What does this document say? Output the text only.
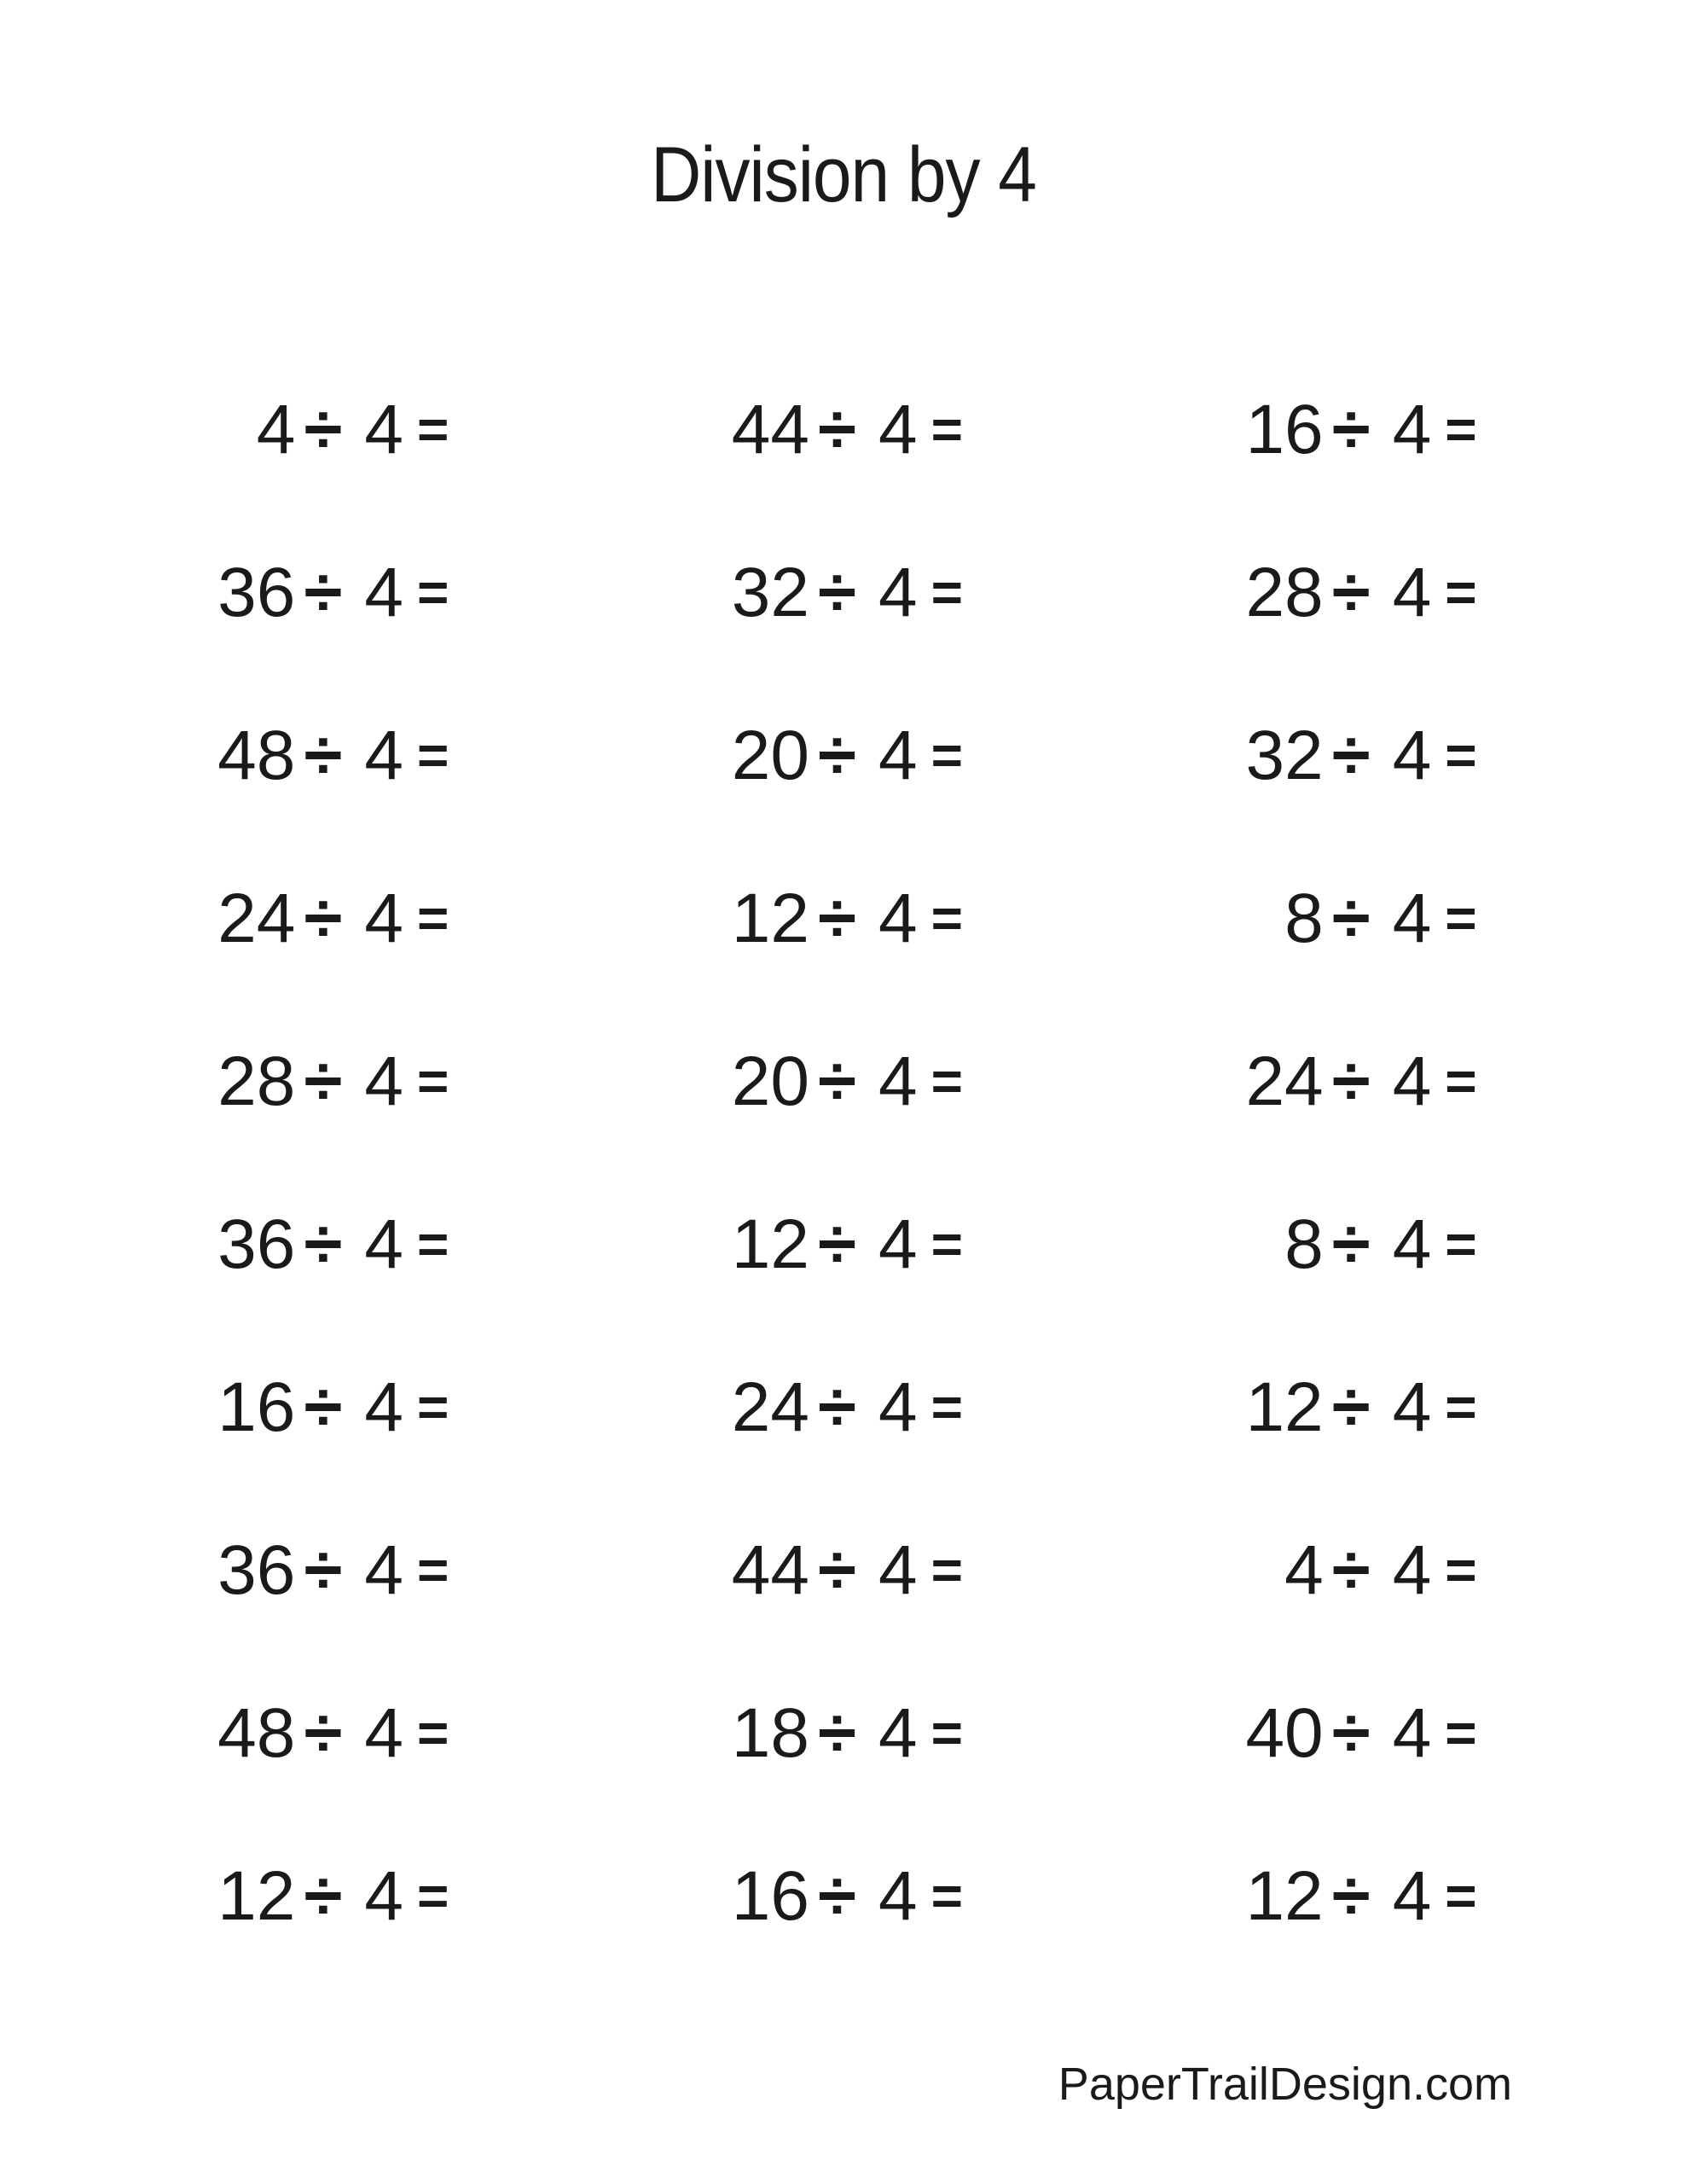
Division by 4
4 ÷ 4 =	44 ÷ 4 =	16 ÷ 4 =
36 ÷ 4 =	32 ÷ 4 =	28 ÷ 4 =
48 ÷ 4 =	20 ÷ 4 =	32 ÷ 4 =
24 ÷ 4 =	12 ÷ 4 =	8 ÷ 4 =
28 ÷ 4 =	20 ÷ 4 =	24 ÷ 4 =
36 ÷ 4 =	12 ÷ 4 =	8 ÷ 4 =
16 ÷ 4 =	24 ÷ 4 =	12 ÷ 4 =
36 ÷ 4 =	44 ÷ 4 =	4 ÷ 4 =
48 ÷ 4 =	18 ÷ 4 =	40 ÷ 4 =
12 ÷ 4 =	16 ÷ 4 =	12 ÷ 4 =
PaperTrailDesign.com
